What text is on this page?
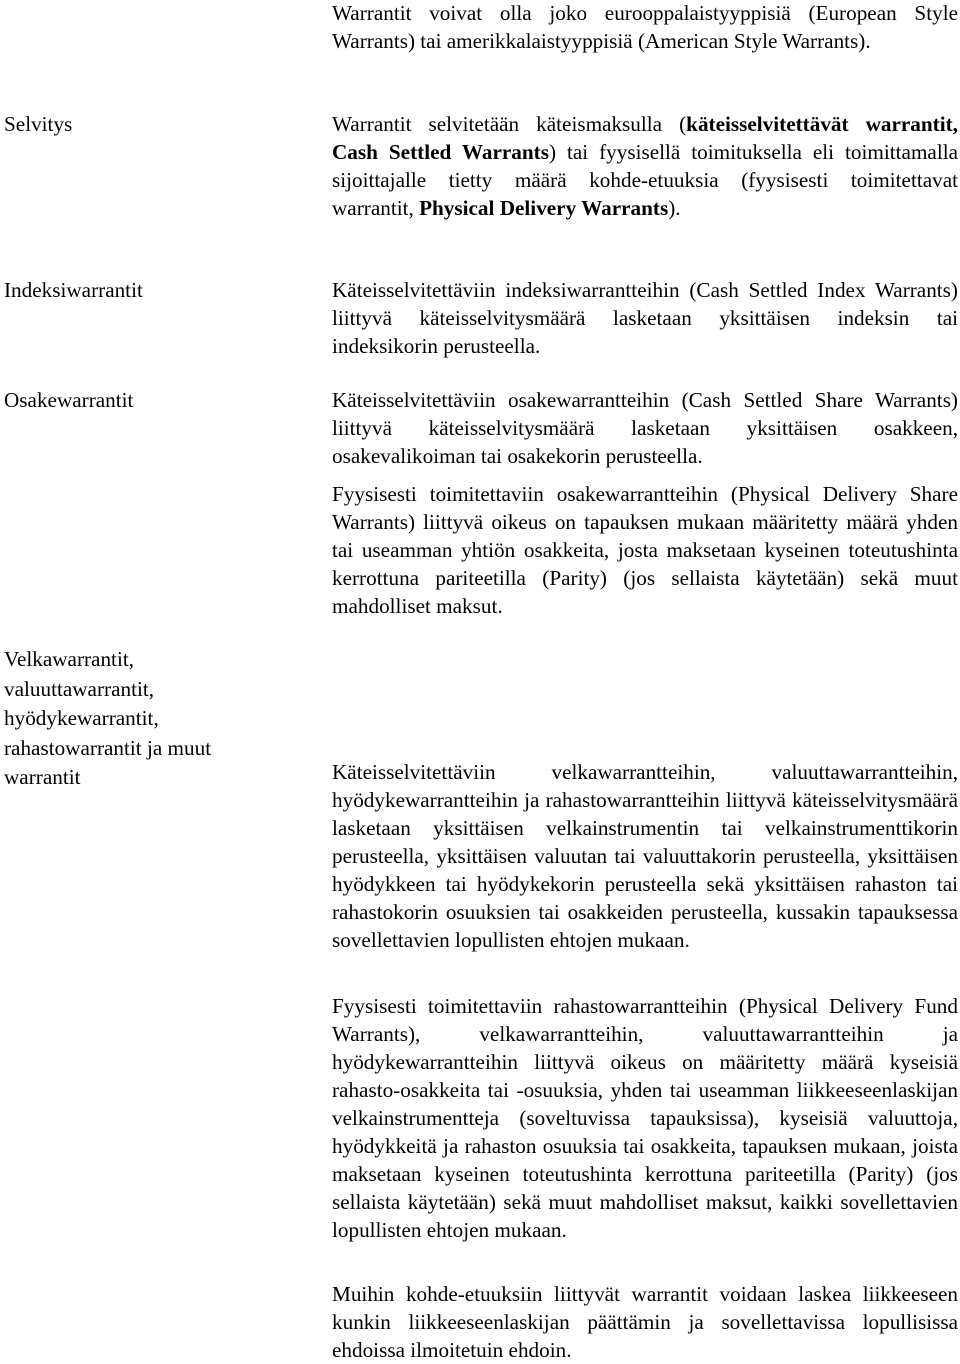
Warrantit voivat olla joko eurooppalaistyyppisiä (European Style Warrants) tai amerikkalaistyyppisiä (American Style Warrants).

Selvitys	Warrantit selvitetään käteismaksulla (käteisselvitettävät warrantit, Cash Settled Warrants) tai fyysisellä toimituksella eli toimittamalla sijoittajalle tietty määrä kohde-etuuksia (fyysisesti toimitettavat warrantit, Physical Delivery Warrants).

Indeksiwarrantit	Käteisselvitettäviin indeksiwarrantteihin (Cash Settled Index Warrants) liittyvä käteisselvitysmäärä lasketaan yksittäisen indeksin tai indeksikorin perusteella.

Osakewarrantit	Käteisselvitettäviin osakewarrantteihin (Cash Settled Share Warrants) liittyvä käteisselvitysmäärä lasketaan yksittäisen osakkeen, osakevalikoiman tai osakekorin perusteella.

Fyysisesti toimitettaviin osakewarrantteihin (Physical Delivery Share Warrants) liittyvä oikeus on tapauksen mukaan määritetty määrä yhden tai useamman yhtiön osakkeita, josta maksetaan kyseinen toteutushinta kerrottuna pariteetilla (Parity) (jos sellaista käytetään) sekä muut mahdolliset maksut.

Velkawarrantit,
valuuttawarrantit,
hyödykewarrantit,
rahastowarrantit ja muut
warrantit	Käteisselvitettäviin velkawarrantteihin, valuuttawarrantteihin, hyödykewarrantteihin ja rahastowarrantteihin liittyvä käteisselvitysmäärä lasketaan yksittäisen velkainstrumentin tai velkainstrumenttikorin perusteella, yksittäisen valuutan tai valuuttakorin perusteella, yksittäisen hyödykkeen tai hyödykekorin perusteella sekä yksittäisen rahaston tai rahastokorin osuuksien tai osakkeiden perusteella, kussakin tapauksessa sovellettavien lopullisten ehtojen mukaan.

Fyysisesti toimitettaviin rahastowarrantteihin (Physical Delivery Fund Warrants), velkawarrantteihin, valuuttawarrantteihin ja hyödykewarrantteihin liittyvä oikeus on määritetty määrä kyseisiä rahasto-osakkeita tai -osuuksia, yhden tai useamman liikkeeseenlaskijan velkainstrumentteja (soveltuvissa tapauksissa), kyseisiä valuuttoja, hyödykkeitä ja rahaston osuuksia tai osakkeita, tapauksen mukaan, joista maksetaan kyseinen toteutushinta kerrottuna pariteetilla (Parity) (jos sellaista käytetään) sekä muut mahdolliset maksut, kaikki sovellettavien lopullisten ehtojen mukaan.

Muihin kohde-etuuksiin liittyvät warrantit voidaan laskea liikkeeseen kunkin liikkeeseenlaskijan päättämin ja sovellettavissa lopullisissa ehdoissa ilmoitetuin ehdoin.
